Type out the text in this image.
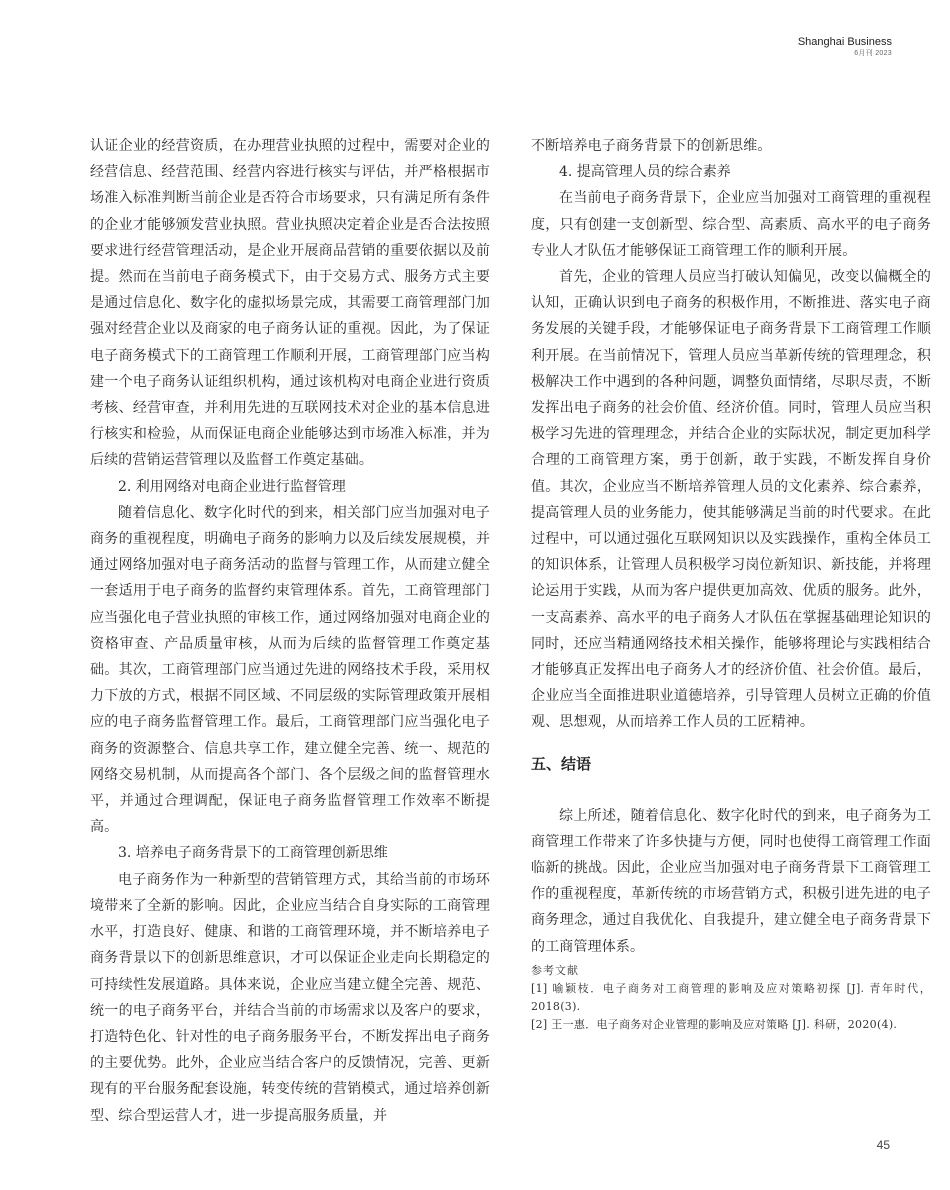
Shanghai Business
6月刊 2023

认证企业的经营资质，在办理营业执照的过程中，需要对企业的经营信息、经营范围、经营内容进行核实与评估，并严格根据市场准入标准判断当前企业是否符合市场要求，只有满足所有条件的企业才能够颁发营业执照。营业执照决定着企业是否合法按照要求进行经营管理活动，是企业开展商品营销的重要依据以及前提。然而在当前电子商务模式下，由于交易方式、服务方式主要是通过信息化、数字化的虚拟场景完成，其需要工商管理部门加强对经营企业以及商家的电子商务认证的重视。因此，为了保证电子商务模式下的工商管理工作顺利开展，工商管理部门应当构建一个电子商务认证组织机构，通过该机构对电商企业进行资质考核、经营审查，并利用先进的互联网技术对企业的基本信息进行核实和检验，从而保证电商企业能够达到市场准入标准，并为后续的营销运营管理以及监督工作奠定基础。

2. 利用网络对电商企业进行监督管理

随着信息化、数字化时代的到来，相关部门应当加强对电子商务的重视程度，明确电子商务的影响力以及后续发展规模，并通过网络加强对电子商务活动的监督与管理工作，从而建立健全一套适用于电子商务的监督约束管理体系。首先，工商管理部门应当强化电子营业执照的审核工作，通过网络加强对电商企业的资格审查、产品质量审核，从而为后续的监督管理工作奠定基础。其次，工商管理部门应当通过先进的网络技术手段，采用权力下放的方式，根据不同区域、不同层级的实际管理政策开展相应的电子商务监督管理工作。最后，工商管理部门应当强化电子商务的资源整合、信息共享工作，建立健全完善、统一、规范的网络交易机制，从而提高各个部门、各个层级之间的监督管理水平，并通过合理调配，保证电子商务监督管理工作效率不断提高。

3. 培养电子商务背景下的工商管理创新思维

电子商务作为一种新型的营销管理方式，其给当前的市场环境带来了全新的影响。因此，企业应当结合自身实际的工商管理水平，打造良好、健康、和谐的工商管理环境，并不断培养电子商务背景以下的创新思维意识，才可以保证企业走向长期稳定的可持续性发展道路。具体来说，企业应当建立健全完善、规范、统一的电子商务平台，并结合当前的市场需求以及客户的要求，打造特色化、针对性的电子商务服务平台，不断发挥出电子商务的主要优势。此外，企业应当结合客户的反馈情况，完善、更新现有的平台服务配套设施，转变传统的营销模式，通过培养创新型、综合型运营人才，进一步提高服务质量，并

不断培养电子商务背景下的创新思维。

4. 提高管理人员的综合素养

在当前电子商务背景下，企业应当加强对工商管理的重视程度，只有创建一支创新型、综合型、高素质、高水平的电子商务专业人才队伍才能够保证工商管理工作的顺利开展。

首先，企业的管理人员应当打破认知偏见，改变以偏概全的认知，正确认识到电子商务的积极作用，不断推进、落实电子商务发展的关键手段，才能够保证电子商务背景下工商管理工作顺利开展。在当前情况下，管理人员应当革新传统的管理理念，积极解决工作中遇到的各种问题，调整负面情绪，尽职尽责，不断发挥出电子商务的社会价值、经济价值。同时，管理人员应当积极学习先进的管理理念，并结合企业的实际状况，制定更加科学合理的工商管理方案，勇于创新，敢于实践，不断发挥自身价值。其次，企业应当不断培养管理人员的文化素养、综合素养，提高管理人员的业务能力，使其能够满足当前的时代要求。在此过程中，可以通过强化互联网知识以及实践操作，重构全体员工的知识体系，让管理人员积极学习岗位新知识、新技能，并将理论运用于实践，从而为客户提供更加高效、优质的服务。此外，一支高素养、高水平的电子商务人才队伍在掌握基础理论知识的同时，还应当精通网络技术相关操作，能够将理论与实践相结合才能够真正发挥出电子商务人才的经济价值、社会价值。最后，企业应当全面推进职业道德培养，引导管理人员树立正确的价值观、思想观，从而培养工作人员的工匠精神。

五、结语

综上所述，随着信息化、数字化时代的到来，电子商务为工商管理工作带来了许多快捷与方便，同时也使得工商管理工作面临新的挑战。因此，企业应当加强对电子商务背景下工商管理工作的重视程度，革新传统的市场营销方式，积极引进先进的电子商务理念，通过自我优化、自我提升，建立健全电子商务背景下的工商管理体系。

参考文献

[1] 喻颖枝．电子商务对工商管理的影响及应对策略初探 [J]. 青年时代，2018(3).

[2] 王一惠．电子商务对企业管理的影响及应对策略 [J]. 科研，2020(4).

45
